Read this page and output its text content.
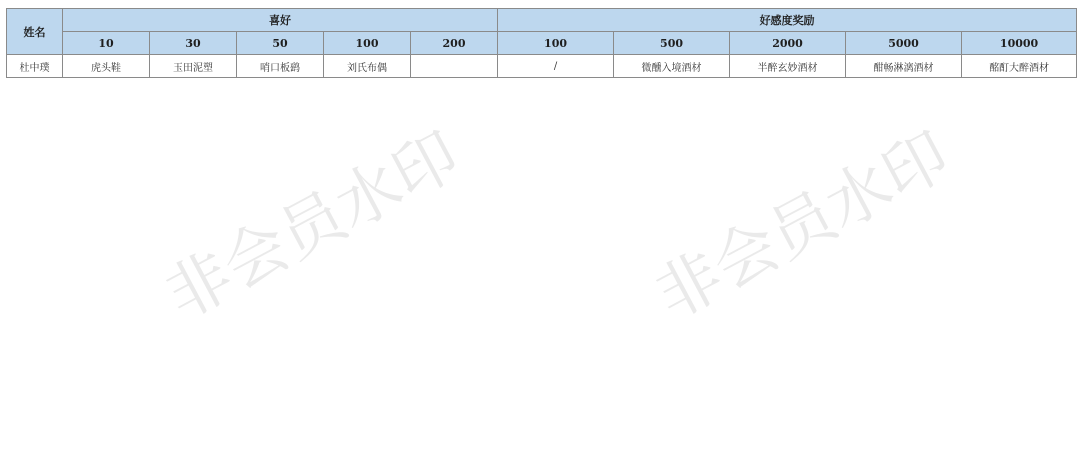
姓名	喜好					好感度奖励				
	10	30	50	100	200	100	500	2000	5000	10000
杜中璞	虎头鞋	玉田泥塑	哨口板鹞	刘氏布偶		/	微醺入境酒材	半醉玄妙酒材	酣畅淋漓酒材	酩酊大醉酒材
非会员水印	非会员水印
